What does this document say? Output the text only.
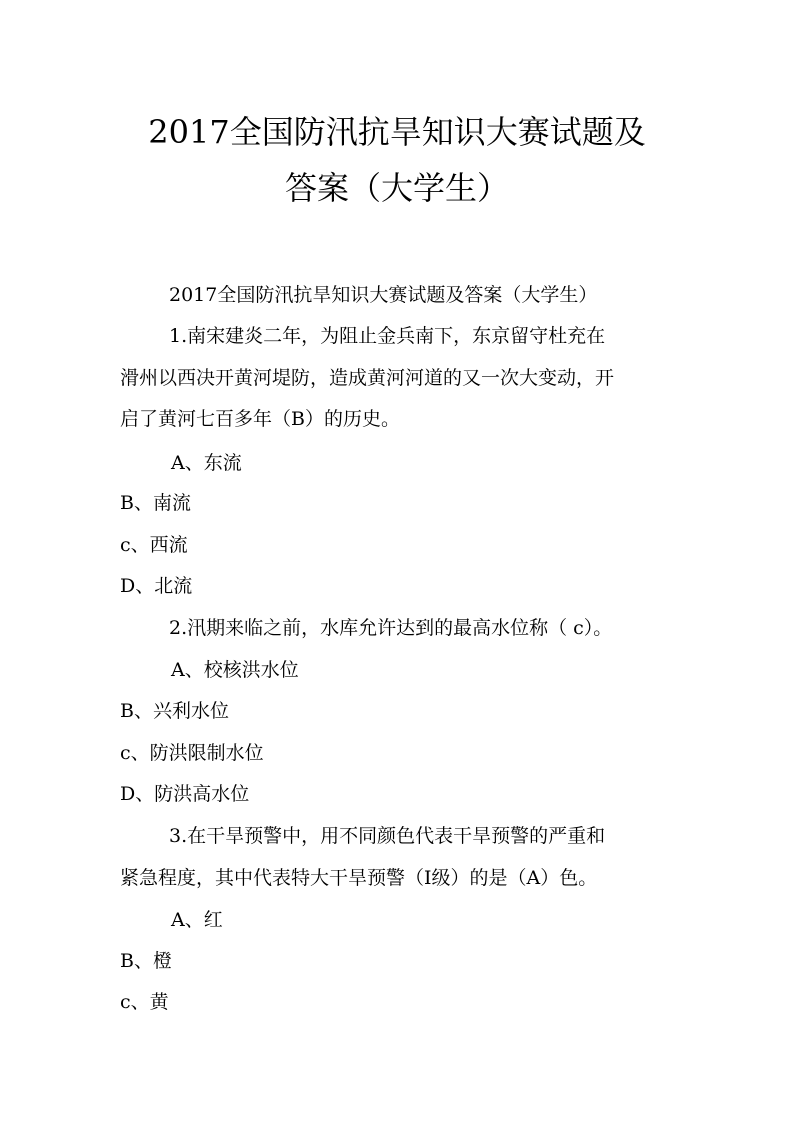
2017全国防汛抗旱知识大赛试题及
答案（大学生）
2017全国防汛抗旱知识大赛试题及答案（大学生）
1.南宋建炎二年，为阻止金兵南下，东京留守杜充在
滑州以西决开黄河堤防，造成黄河河道的又一次大变动，开
启了黄河七百多年（B）的历史。
A、东流
B、南流
c、西流
D、北流
2.汛期来临之前，水库允许达到的最高水位称（ c）。
A、校核洪水位
B、兴利水位
c、防洪限制水位
D、防洪高水位
3.在干旱预警中，用不同颜色代表干旱预警的严重和
紧急程度，其中代表特大干旱预警（Ⅰ级）的是（A）色。
A、红
B、橙
c、黄
